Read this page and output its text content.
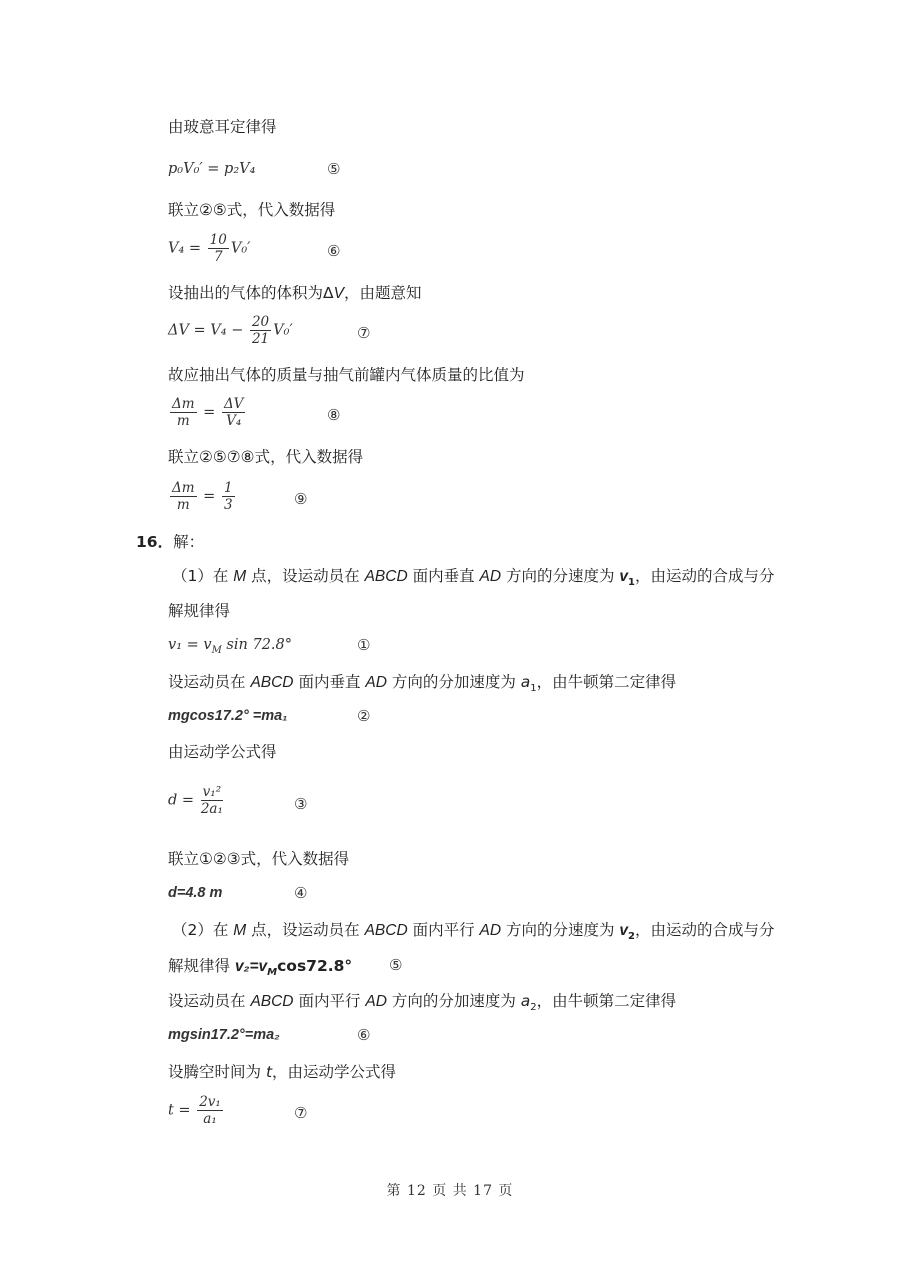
由玻意耳定律得
p₀V₀′ = p₂V₄	⑤
联立②⑤式，代入数据得
$V_4 = \frac{10}{7} V_0'$	⑥
设抽出的气体的体积为ΔV，由题意知
$\Delta V = V_4 - \frac{20}{21} V_0'$	⑦
故应抽出气体的质量与抽气前罐内气体质量的比值为
$\frac{\Delta m}{m} = \frac{\Delta V}{\text{V₄}}$	⑧
联立②⑤⑦⑧式，代入数据得
$\frac{\Delta m}{m} = \frac{1}{3}$	⑨
16．解：
（1）在 M 点，设运动员在 ABCD 面内垂直 AD 方向的分速度为 $v_1$，由运动的合成与分
解规律得
$v_1 = v_M$ sin 72.8°	①
设运动员在 ABCD 面内垂直 AD 方向的分加速度为 $a_1$，由牛顿第二定律得
mgcos17.2° =ma₁	②
由运动学公式得
$d = \frac{\text{v₁²}}{\text{2a₁}}$	③
联立①②③式，代入数据得
d=4.8 m	④
（2）在 M 点，设运动员在 ABCD 面内平行 AD 方向的分速度为 $v_2$，由运动的合成与分
解规律得 $v_2=v_M\cos 72.8^\circ$ ⑤
设运动员在 ABCD 面内平行 AD 方向的分加速度为 $a_2$，由牛顿第二定律得
mgsin17.2°=ma₂	⑥
设腾空时间为 t，由运动学公式得
$t = \frac{\text{2v₁}}{\text{a₁}}$	⑦
第 12 页 共 17 页
